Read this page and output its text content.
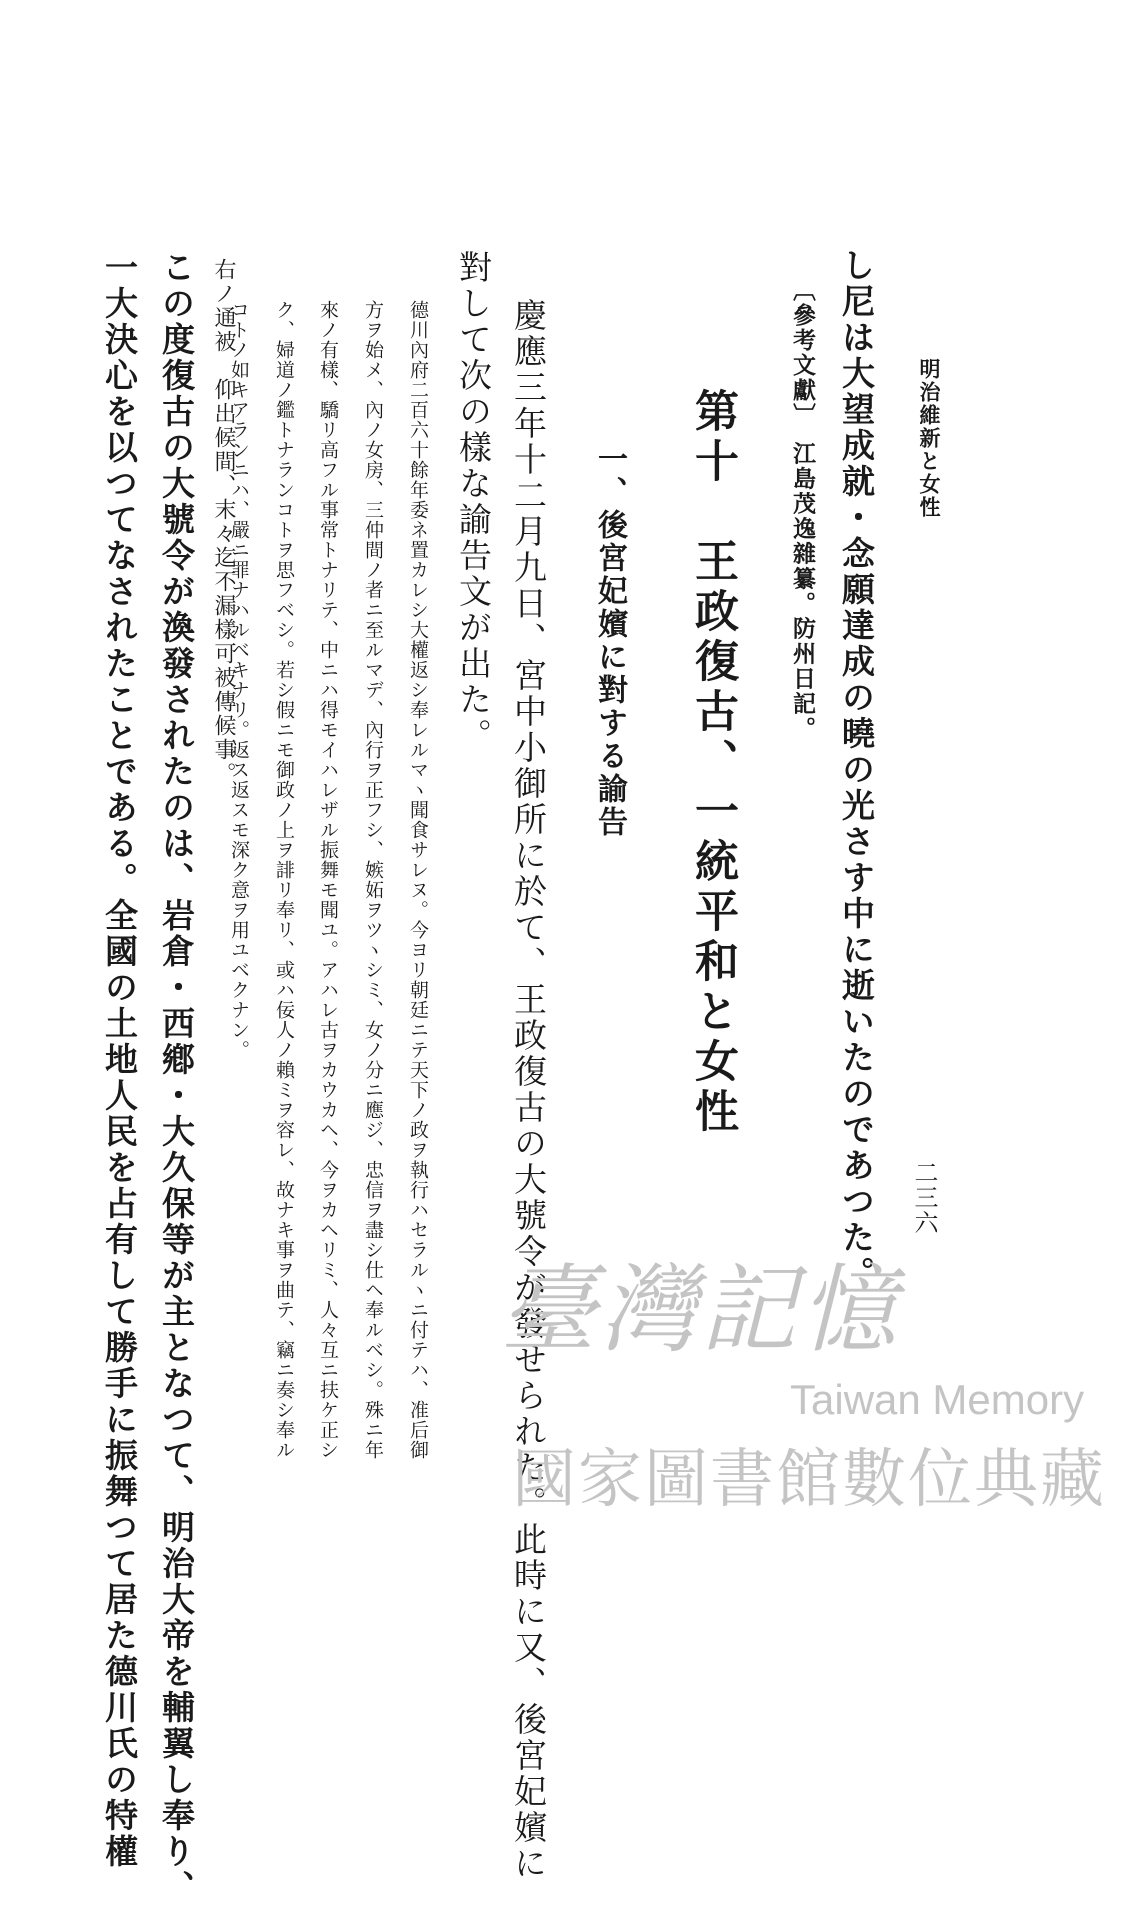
明治維新と女性
二三六
し尼は大望成就・念願達成の曉の光さす中に逝いたのであつた。
〔參考文獻〕　江島茂逸雜纂。防州日記。
第十　王政復古、一統平和と女性
一、後宮妃嬪に對する諭告
慶應三年十二月九日、宮中小御所に於て、王政復古の大號令が發せられた。此時に又、後宮妃嬪に
對して次の樣な諭告文が出た。
德川內府二百六十餘年委ネ置カレシ大權返シ奉レルマヽ聞食サレヌ。今ヨリ朝廷ニテ天下ノ政ヲ執行ハセラルヽニ付テハ、准后御
方ヲ始メ、內ノ女房、三仲間ノ者ニ至ルマデ、內行ヲ正フシ、嫉妬ヲツヽシミ、女ノ分ニ應ジ、忠信ヲ盡シ仕ヘ奉ルベシ。殊ニ年
來ノ有樣、驕リ高フル事常トナリテ、中ニハ得モイハレザル振舞モ聞ユ。アハレ古ヲカウカヘ、今ヲカヘリミ、人々互ニ扶ケ正シ
ク、婦道ノ鑑トナランコトヲ思フベシ。若シ假ニモ御政ノ上ヲ誹リ奉リ、或ハ佞人ノ賴ミヲ容レ、故ナキ事ヲ曲テ、竊ニ奏シ奉ル
コトノ如キアランニハ、嚴ニ罪ナハルベキナリ。返ス返スモ深ク意ヲ用ユベクナン。
右ノ通被　仰出候間、末々迄不漏樣可被傳候事。
この度復古の大號令が渙發されたのは、岩倉・西鄕・大久保等が主となつて、明治大帝を輔翼し奉り、
一大決心を以つてなされたことである。全國の土地人民を占有して勝手に振舞つて居た德川氏の特權	臺灣記憶
Taiwan Memory
國家圖書館數位典藏
